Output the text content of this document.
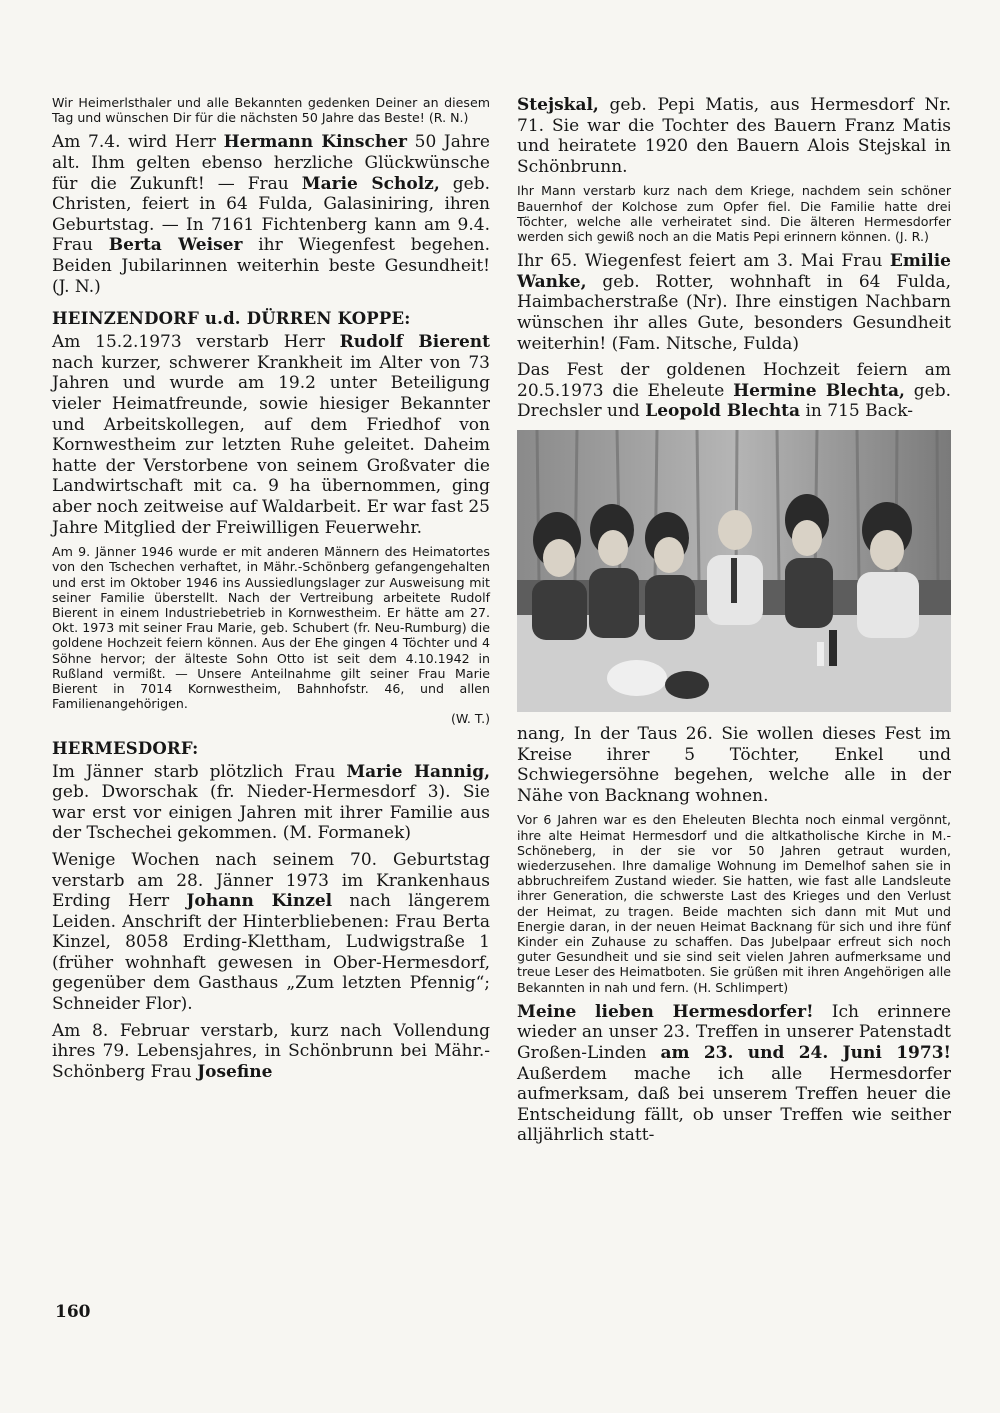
Wir Heimerlsthaler und alle Bekannten gedenken Deiner an diesem Tag und wünschen Dir für die nächsten 50 Jahre das Beste! (R. N.)

Am 7.4. wird Herr Hermann Kinscher 50 Jahre alt. Ihm gelten ebenso herzliche Glückwünsche für die Zukunft! — Frau Marie Scholz, geb. Christen, feiert in 64 Fulda, Galasiniring, ihren Geburtstag. — In 7161 Fichtenberg kann am 9.4. Frau Berta Weiser ihr Wiegenfest begehen. Beiden Jubilarinnen weiterhin beste Gesundheit! (J. N.)

HEINZENDORF u.d. DÜRREN KOPPE:

Am 15.2.1973 verstarb Herr Rudolf Bierent nach kurzer, schwerer Krankheit im Alter von 73 Jahren und wurde am 19.2 unter Beteiligung vieler Heimatfreunde, sowie hiesiger Bekannter und Arbeitskollegen, auf dem Friedhof von Kornwestheim zur letzten Ruhe geleitet. Daheim hatte der Verstorbene von seinem Großvater die Landwirtschaft mit ca. 9 ha übernommen, ging aber noch zeitweise auf Waldarbeit. Er war fast 25 Jahre Mitglied der Freiwilligen Feuerwehr.

Am 9. Jänner 1946 wurde er mit anderen Männern des Heimatortes von den Tschechen verhaftet, in Mähr.-Schönberg gefangengehalten und erst im Oktober 1946 ins Aussiedlungslager zur Ausweisung mit seiner Familie überstellt. Nach der Vertreibung arbeitete Rudolf Bierent in einem Industriebetrieb in Kornwestheim. Er hätte am 27. Okt. 1973 mit seiner Frau Marie, geb. Schubert (fr. Neu-Rumburg) die goldene Hochzeit feiern können. Aus der Ehe gingen 4 Töchter und 4 Söhne hervor; der älteste Sohn Otto ist seit dem 4.10.1942 in Rußland vermißt. — Unsere Anteilnahme gilt seiner Frau Marie Bierent in 7014 Kornwestheim, Bahnhofstr. 46, und allen Familienangehörigen.
(W. T.)

HERMESDORF:

Im Jänner starb plötzlich Frau Marie Hannig, geb. Dworschak (fr. Nieder-Hermesdorf 3). Sie war erst vor einigen Jahren mit ihrer Familie aus der Tschechei gekommen. (M. Formanek)

Wenige Wochen nach seinem 70. Geburtstag verstarb am 28. Jänner 1973 im Krankenhaus Erding Herr Johann Kinzel nach längerem Leiden. Anschrift der Hinterbliebenen: Frau Berta Kinzel, 8058 Erding-Klettham, Ludwigstraße 1 (früher wohnhaft gewesen in Ober-Hermesdorf, gegenüber dem Gasthaus „Zum letzten Pfennig“; Schneider Flor).

Am 8. Februar verstarb, kurz nach Vollendung ihres 79. Lebensjahres, in Schönbrunn bei Mähr.-Schönberg Frau Josefine

Stejskal, geb. Pepi Matis, aus Hermesdorf Nr. 71. Sie war die Tochter des Bauern Franz Matis und heiratete 1920 den Bauern Alois Stejskal in Schönbrunn.

Ihr Mann verstarb kurz nach dem Kriege, nachdem sein schöner Bauernhof der Kolchose zum Opfer fiel. Die Familie hatte drei Töchter, welche alle verheiratet sind. Die älteren Hermesdorfer werden sich gewiß noch an die Matis Pepi erinnern können. (J. R.)

Ihr 65. Wiegenfest feiert am 3. Mai Frau Emilie Wanke, geb. Rotter, wohnhaft in 64 Fulda, Haimbacherstraße (Nr). Ihre einstigen Nachbarn wünschen ihr alles Gute, besonders Gesundheit weiterhin! (Fam. Nitsche, Fulda)

Das Fest der goldenen Hochzeit feiern am 20.5.1973 die Eheleute Hermine Blechta, geb. Drechsler und Leopold Blechta in 715 Back-

nang, In der Taus 26. Sie wollen dieses Fest im Kreise ihrer 5 Töchter, Enkel und Schwiegersöhne begehen, welche alle in der Nähe von Backnang wohnen.

Vor 6 Jahren war es den Eheleuten Blechta noch einmal vergönnt, ihre alte Heimat Hermesdorf und die altkatholische Kirche in M.-Schöneberg, in der sie vor 50 Jahren getraut wurden, wiederzusehen. Ihre damalige Wohnung im Demelhof sahen sie in abbruchreifem Zustand wieder. Sie hatten, wie fast alle Landsleute ihrer Generation, die schwerste Last des Krieges und den Verlust der Heimat, zu tragen. Beide machten sich dann mit Mut und Energie daran, in der neuen Heimat Backnang für sich und ihre fünf Kinder ein Zuhause zu schaffen. Das Jubelpaar erfreut sich noch guter Gesundheit und sie sind seit vielen Jahren aufmerksame und treue Leser des Heimatboten. Sie grüßen mit ihren Angehörigen alle Bekannten in nah und fern. (H. Schlimpert)

Meine lieben Hermesdorfer! Ich erinnere wieder an unser 23. Treffen in unserer Patenstadt Großen-Linden am 23. und 24. Juni 1973! Außerdem mache ich alle Hermesdorfer aufmerksam, daß bei unserem Treffen heuer die Entscheidung fällt, ob unser Treffen wie seither alljährlich statt-

160
